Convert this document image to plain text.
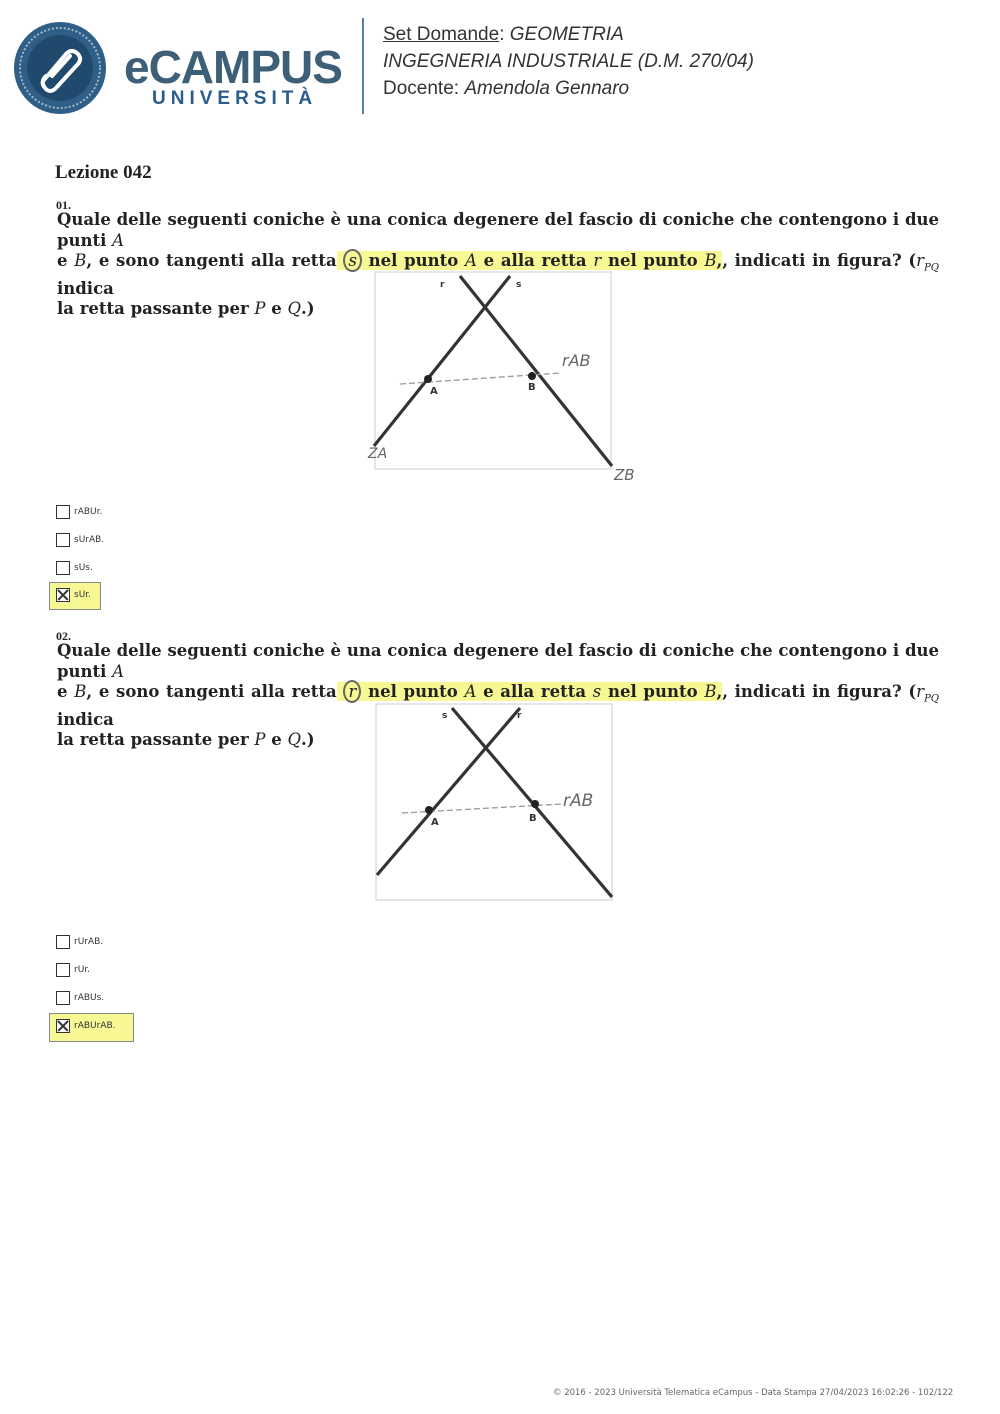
eCAMPUS
UNIVERSITÀ
Set Domande: GEOMETRIA
INGEGNERIA INDUSTRIALE (D.M. 270/04)
Docente: Amendola Gennaro
Lezione 042
01.
Quale delle seguenti coniche è una conica degenere del fascio di coniche che contengono i due punti A
e B, e sono tangenti alla retta s nel punto A e alla retta r nel punto B,, indicati in figura? ($r_{PQ}$ indica
la retta passante per P e Q.)
r	s
A	B
rAB
ZA
ZB
rABUr.
sUrAB.
sUs.
sUr.
02.
Quale delle seguenti coniche è una conica degenere del fascio di coniche che contengono i due punti A
e B, e sono tangenti alla retta r nel punto A e alla retta s nel punto B,, indicati in figura? ($r_{PQ}$ indica
la retta passante per P e Q.)
s	r
A	B
rAB
rUrAB.
rUr.
rABUs.
rABUrAB.
© 2016 - 2023 Università Telematica eCampus - Data Stampa 27/04/2023 16:02:26 - 102/122
